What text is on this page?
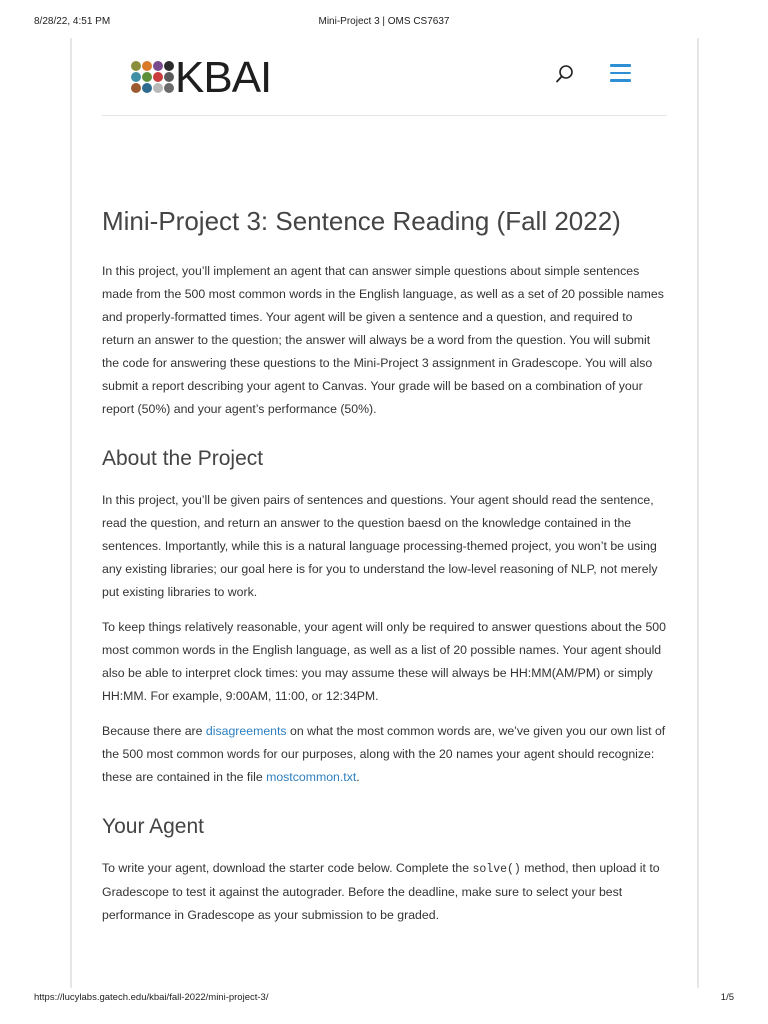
8/28/22, 4:51 PM	Mini-Project 3 | OMS CS7637
KBAI
Mini-Project 3: Sentence Reading (Fall 2022)

In this project, you’ll implement an agent that can answer simple questions about simple sentences made from the 500 most common words in the English language, as well as a set of 20 possible names and properly-formatted times. Your agent will be given a sentence and a question, and required to return an answer to the question; the answer will always be a word from the question. You will submit the code for answering these questions to the Mini-Project 3 assignment in Gradescope. You will also submit a report describing your agent to Canvas. Your grade will be based on a combination of your report (50%) and your agent’s performance (50%).

About the Project

In this project, you’ll be given pairs of sentences and questions. Your agent should read the sentence, read the question, and return an answer to the question baesd on the knowledge contained in the sentences. Importantly, while this is a natural language processing-themed project, you won’t be using any existing libraries; our goal here is for you to understand the low-level reasoning of NLP, not merely put existing libraries to work.

To keep things relatively reasonable, your agent will only be required to answer questions about the 500 most common words in the English language, as well as a list of 20 possible names. Your agent should also be able to interpret clock times: you may assume these will always be HH:MM(AM/PM) or simply HH:MM. For example, 9:00AM, 11:00, or 12:34PM.

Because there are disagreements on what the most common words are, we’ve given you our own list of the 500 most common words for our purposes, along with the 20 names your agent should recognize: these are contained in the file mostcommon.txt.

Your Agent

To write your agent, download the starter code below. Complete the solve() method, then upload it to Gradescope to test it against the autograder. Before the deadline, make sure to select your best performance in Gradescope as your submission to be graded.

https://lucylabs.gatech.edu/kbai/fall-2022/mini-project-3/	1/5
